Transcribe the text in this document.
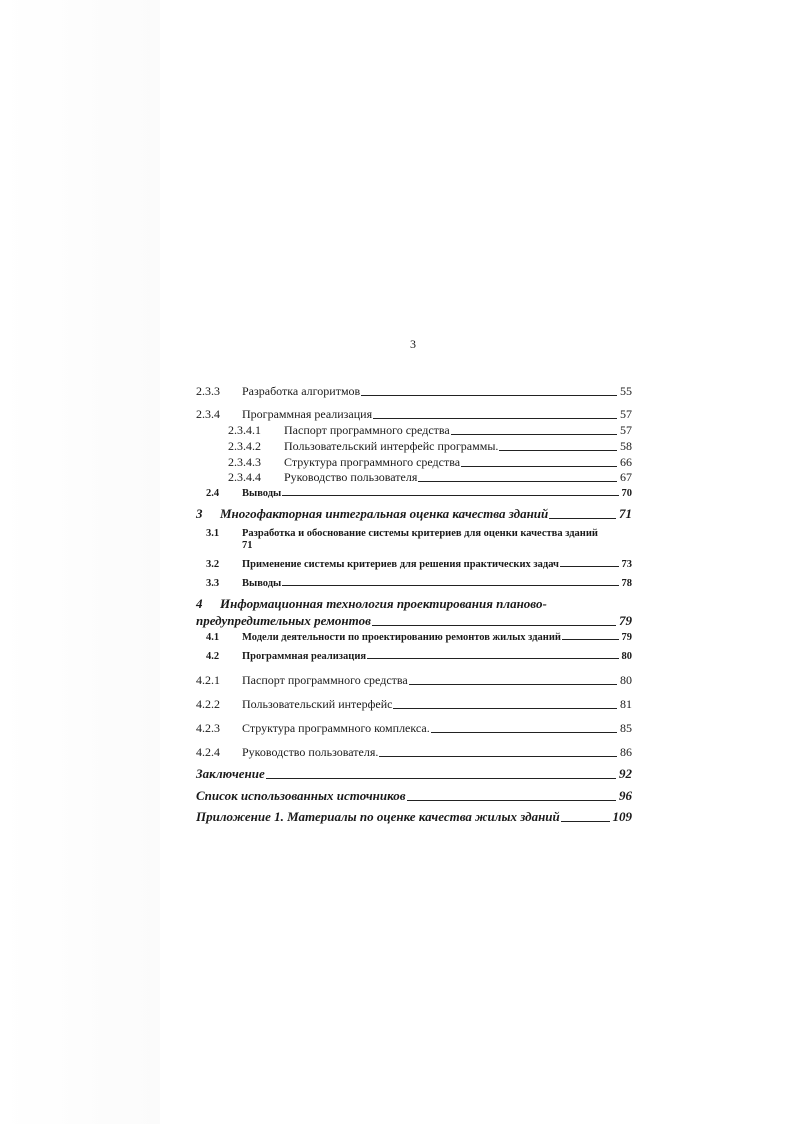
3
2.3.3	Разработка алгоритмов	55
2.3.4	Программная реализация	57
2.3.4.1	Паспорт программного средства	57
2.3.4.2	Пользовательский интерфейс программы.	58
2.3.4.3	Структура программного средства	66
2.3.4.4	Руководство пользователя	67
2.4	Выводы	70
3	Многофакторная интегральная оценка качества зданий	71
3.1	Разработка и обоснование системы критериев для оценки качества зданий
71
3.2	Применение системы критериев для решения практических задач	73
3.3	Выводы	78
4	Информационная технология проектирования планово-
предупредительных ремонтов	79
4.1	Модели деятельности по проектированию ремонтов жилых зданий	79
4.2	Программная реализация	80
4.2.1	Паспорт программного средства	80
4.2.2	Пользовательский интерфейс	81
4.2.3	Структура программного комплекса.	85
4.2.4	Руководство пользователя.	86
Заключение	92
Список использованных источников	96
Приложение 1. Материалы по оценке качества жилых зданий	109
